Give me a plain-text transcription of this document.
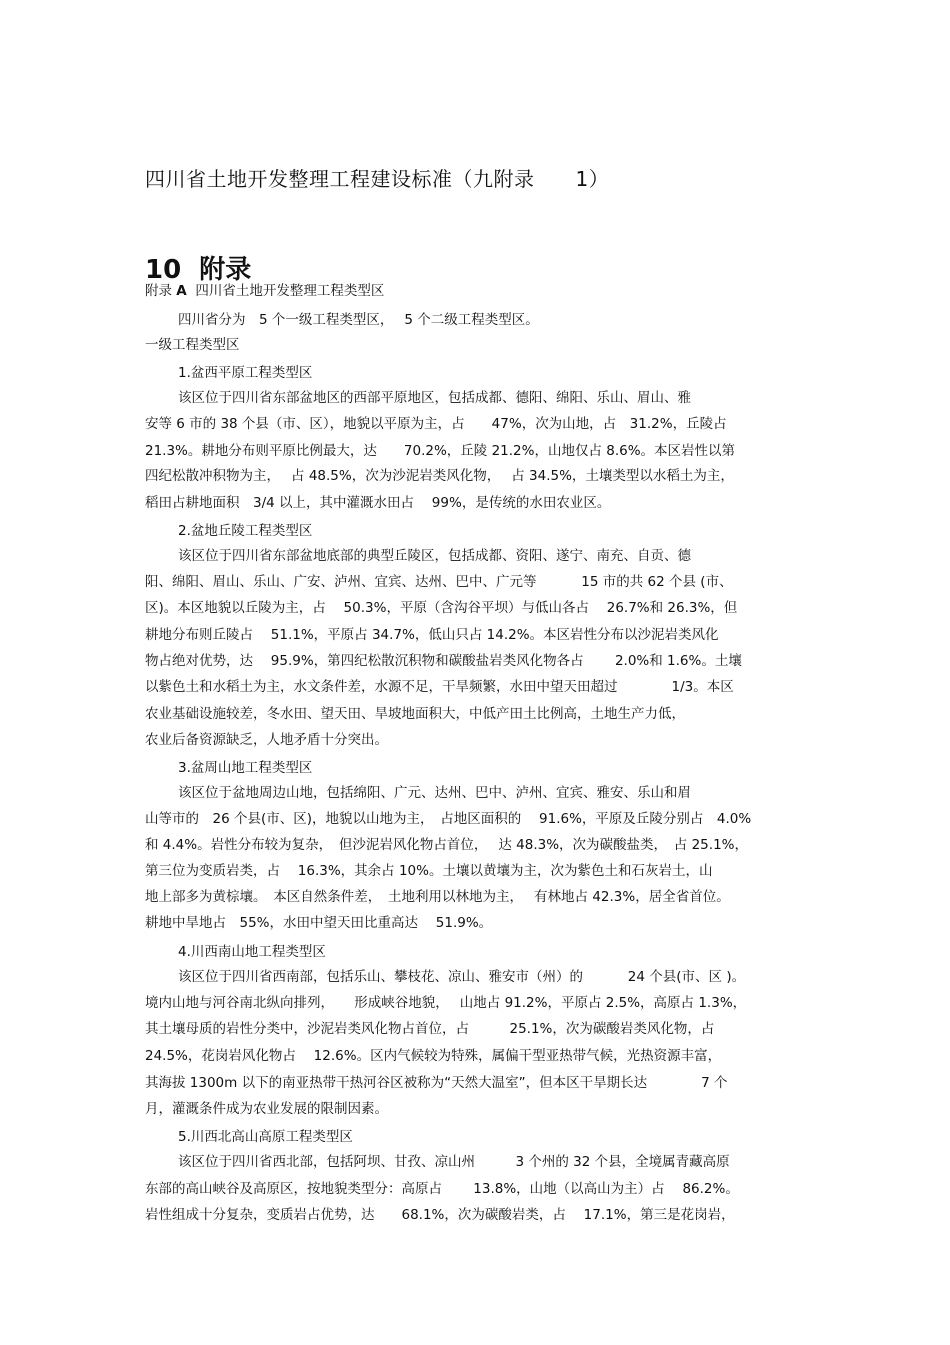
四川省土地开发整理工程建设标准（九附录　　1）
10  附录
附录 A  四川省土地开发整理工程类型区
四川省分为　5 个一级工程类型区，　 5 个二级工程类型区。
一级工程类型区
1.盆西平原工程类型区
该区位于四川省东部盆地区的西部平原地区，包括成都、德阳、绵阳、乐山、眉山、雅
安等 6 市的 38 个县（市、区），地貌以平原为主，占　　47%，次为山地，占　31.2%，丘陵占
21.3%。耕地分布则平原比例最大，达　　70.2%，丘陵 21.2%，山地仅占 8.6%。本区岩性以第
四纪松散冲积物为主，　 占 48.5%，次为沙泥岩类风化物，　 占 34.5%，土壤类型以水稻土为主，
稻田占耕地面积　3/4 以上，其中灌溉水田占　 99%，是传统的水田农业区。
2.盆地丘陵工程类型区
该区位于四川省东部盆地底部的典型丘陵区，包括成都、资阳、遂宁、南充、自贡、德
阳、绵阳、眉山、乐山、广安、泸州、宜宾、达州、巴中、广元等　　　 15 市的共 62 个县 (市、
区)。本区地貌以丘陵为主，占　 50.3%，平原（含沟谷平坝）与低山各占　 26.7%和 26.3%，但
耕地分布则丘陵占　 51.1%，平原占 34.7%，低山只占 14.2%。本区岩性分布以沙泥岩类风化
物占绝对优势，达　 95.9%，第四纪松散沉积物和碳酸盐岩类风化物各占　　 2.0%和 1.6%。土壤
以紫色土和水稻土为主，水文条件差，水源不足，干旱频繁，水田中望天田超过　　　　1/3。本区
农业基础设施较差，冬水田、望天田、旱坡地面积大，中低产田土比例高，土地生产力低，
农业后备资源缺乏，人地矛盾十分突出。
3.盆周山地工程类型区
该区位于盆地周边山地，包括绵阳、广元、达州、巴中、泸州、宜宾、雅安、乐山和眉
山等市的　26 个县(市、区)，地貌以山地为主，　占地区面积的　 91.6%，平原及丘陵分别占　4.0%
和 4.4%。岩性分布较为复杂，　但沙泥岩风化物占首位，　 达 48.3%，次为碳酸盐类，　占 25.1%，
第三位为变质岩类，占　 16.3%，其余占 10%。土壤以黄壤为主，次为紫色土和石灰岩土，山
地上部多为黄棕壤。　本区自然条件差，　土地利用以林地为主，　 有林地占 42.3%，居全省首位。
耕地中旱地占　55%，水田中望天田比重高达　 51.9%。
4.川西南山地工程类型区
该区位于四川省西南部，包括乐山、攀枝花、凉山、雅安市（州）的　　　 24 个县(市、区 )。
境内山地与河谷南北纵向排列，　　形成峡谷地貌，　 山地占 91.2%，平原占 2.5%，高原占 1.3%，
其土壤母质的岩性分类中，沙泥岩类风化物占首位，占　　　25.1%，次为碳酸岩类风化物，占
24.5%，花岗岩风化物占　 12.6%。区内气候较为特殊，属偏干型亚热带气候，光热资源丰富，
其海拔 1300m 以下的南亚热带干热河谷区被称为“天然大温室”，但本区干旱期长达　　　　7 个
月，灌溉条件成为农业发展的限制因素。
5.川西北高山高原工程类型区
该区位于四川省西北部，包括阿坝、甘孜、凉山州　　　3 个州的 32 个县，全境属青藏高原
东部的高山峡谷及高原区，按地貌类型分：高原占　　 13.8%，山地（以高山为主）占　 86.2%。
岩性组成十分复杂，变质岩占优势，达　　68.1%，次为碳酸岩类，占　 17.1%，第三是花岗岩，
